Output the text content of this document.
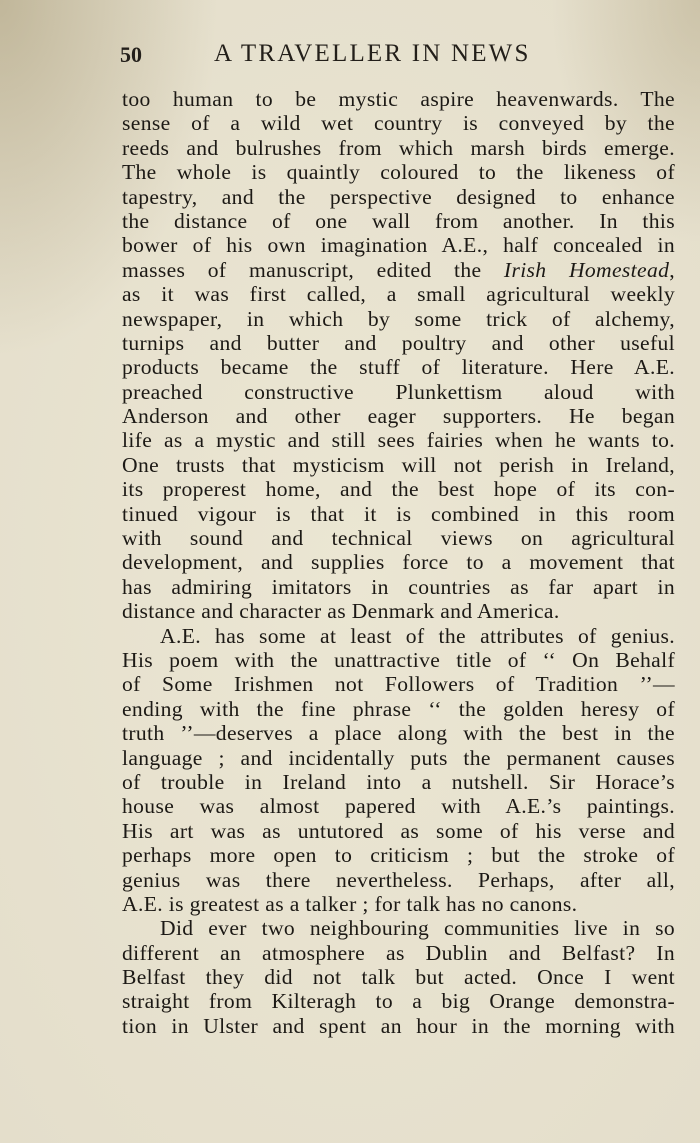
50	A TRAVELLER IN NEWS
too human to be mystic aspire heavenwards. The
sense of a wild wet country is conveyed by the
reeds and bulrushes from which marsh birds emerge.
The whole is quaintly coloured to the likeness of
tapestry, and the perspective designed to enhance
the distance of one wall from another. In this
bower of his own imagination A.E., half concealed in
masses of manuscript, edited the Irish Homestead,
as it was first called, a small agricultural weekly
newspaper, in which by some trick of alchemy,
turnips and butter and poultry and other useful
products became the stuff of literature. Here A.E.
preached constructive Plunkettism aloud with
Anderson and other eager supporters. He began
life as a mystic and still sees fairies when he wants to.
One trusts that mysticism will not perish in Ireland,
its properest home, and the best hope of its con-
tinued vigour is that it is combined in this room
with sound and technical views on agricultural
development, and supplies force to a movement that
has admiring imitators in countries as far apart in
distance and character as Denmark and America.
A.E. has some at least of the attributes of genius.
His poem with the unattractive title of ‘‘ On Behalf
of Some Irishmen not Followers of Tradition ’’—
ending with the fine phrase ‘‘ the golden heresy of
truth ’’—deserves a place along with the best in the
language ; and incidentally puts the permanent causes
of trouble in Ireland into a nutshell. Sir Horace’s
house was almost papered with A.E.’s paintings.
His art was as untutored as some of his verse and
perhaps more open to criticism ; but the stroke of
genius was there nevertheless. Perhaps, after all,
A.E. is greatest as a talker ; for talk has no canons.
Did ever two neighbouring communities live in so
different an atmosphere as Dublin and Belfast? In
Belfast they did not talk but acted. Once I went
straight from Kilteragh to a big Orange demonstra-
tion in Ulster and spent an hour in the morning with
